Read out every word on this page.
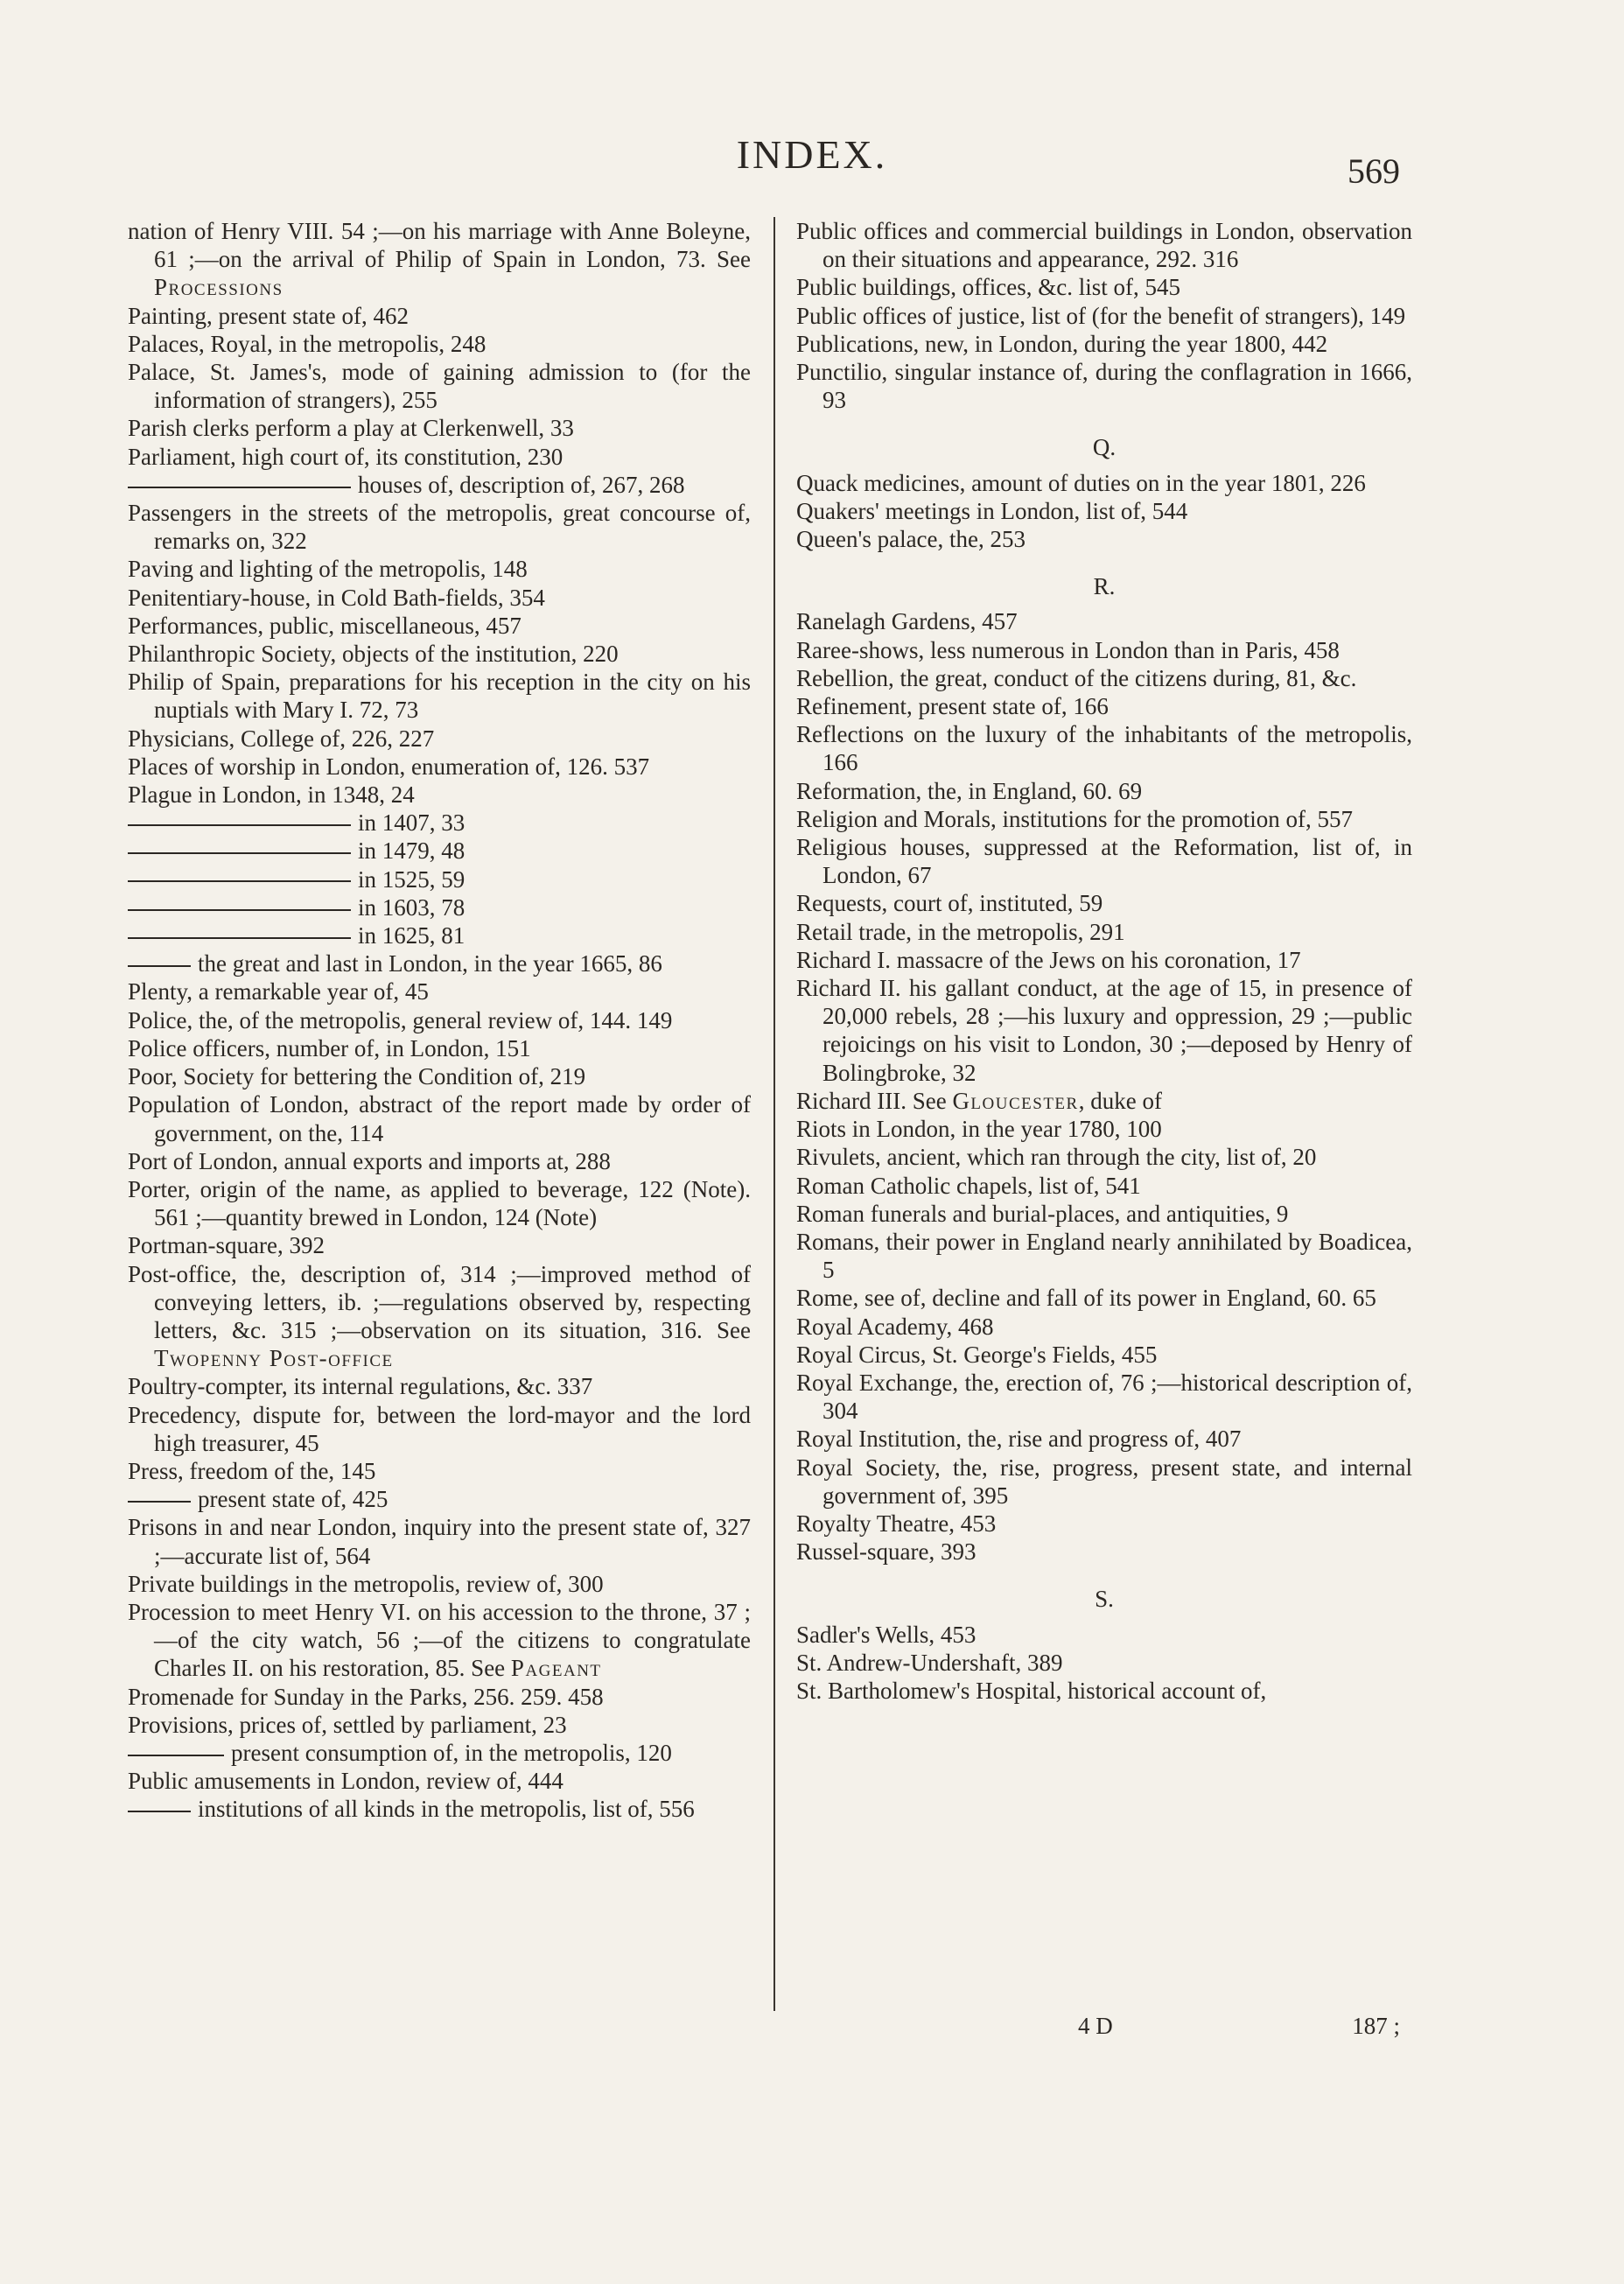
INDEX.	569
nation of Henry VIII. 54 ;—on his marriage with Anne Boleyne, 61 ;—on the arrival of Philip of Spain in London, 73. See Processions
Painting, present state of, 462
Palaces, Royal, in the metropolis, 248
Palace, St. James's, mode of gaining admission to (for the information of strangers), 255
Parish clerks perform a play at Clerkenwell, 33
Parliament, high court of, its constitution, 230
houses of, description of, 267, 268
Passengers in the streets of the metropolis, great concourse of, remarks on, 322
Paving and lighting of the metropolis, 148
Penitentiary-house, in Cold Bath-fields, 354
Performances, public, miscellaneous, 457
Philanthropic Society, objects of the institution, 220
Philip of Spain, preparations for his reception in the city on his nuptials with Mary I. 72, 73
Physicians, College of, 226, 227
Places of worship in London, enumeration of, 126. 537
Plague in London, in 1348, 24
in 1407, 33
in 1479, 48
in 1525, 59
in 1603, 78
in 1625, 81
the great and last in London, in the year 1665, 86
Plenty, a remarkable year of, 45
Police, the, of the metropolis, general review of, 144. 149
Police officers, number of, in London, 151
Poor, Society for bettering the Condition of, 219
Population of London, abstract of the report made by order of government, on the, 114
Port of London, annual exports and imports at, 288
Porter, origin of the name, as applied to beverage, 122 (Note). 561 ;—quantity brewed in London, 124 (Note)
Portman-square, 392
Post-office, the, description of, 314 ;—improved method of conveying letters, ib. ;—regulations observed by, respecting letters, &c. 315 ;—observation on its situation, 316. See Twopenny Post-office
Poultry-compter, its internal regulations, &c. 337
Precedency, dispute for, between the lord-mayor and the lord high treasurer, 45
Press, freedom of the, 145
present state of, 425
Prisons in and near London, inquiry into the present state of, 327 ;—accurate list of, 564
Private buildings in the metropolis, review of, 300
Procession to meet Henry VI. on his accession to the throne, 37 ;—of the city watch, 56 ;—of the citizens to congratulate Charles II. on his restoration, 85. See Pageant
Promenade for Sunday in the Parks, 256. 259. 458
Provisions, prices of, settled by parliament, 23
present consumption of, in the metropolis, 120
Public amusements in London, review of, 444
institutions of all kinds in the metropolis, list of, 556
Public offices and commercial buildings in London, observation on their situations and appearance, 292. 316
Public buildings, offices, &c. list of, 545
Public offices of justice, list of (for the benefit of strangers), 149
Publications, new, in London, during the year 1800, 442
Punctilio, singular instance of, during the conflagration in 1666, 93
Q.
Quack medicines, amount of duties on in the year 1801, 226
Quakers' meetings in London, list of, 544
Queen's palace, the, 253
R.
Ranelagh Gardens, 457
Raree-shows, less numerous in London than in Paris, 458
Rebellion, the great, conduct of the citizens during, 81, &c.
Refinement, present state of, 166
Reflections on the luxury of the inhabitants of the metropolis, 166
Reformation, the, in England, 60. 69
Religion and Morals, institutions for the promotion of, 557
Religious houses, suppressed at the Reformation, list of, in London, 67
Requests, court of, instituted, 59
Retail trade, in the metropolis, 291
Richard I. massacre of the Jews on his coronation, 17
Richard II. his gallant conduct, at the age of 15, in presence of 20,000 rebels, 28 ;—his luxury and oppression, 29 ;—public rejoicings on his visit to London, 30 ;—deposed by Henry of Bolingbroke, 32
Richard III. See Gloucester, duke of
Riots in London, in the year 1780, 100
Rivulets, ancient, which ran through the city, list of, 20
Roman Catholic chapels, list of, 541
Roman funerals and burial-places, and antiquities, 9
Romans, their power in England nearly annihilated by Boadicea, 5
Rome, see of, decline and fall of its power in England, 60. 65
Royal Academy, 468
Royal Circus, St. George's Fields, 455
Royal Exchange, the, erection of, 76 ;—historical description of, 304
Royal Institution, the, rise and progress of, 407
Royal Society, the, rise, progress, present state, and internal government of, 395
Royalty Theatre, 453
Russel-square, 393
S.
Sadler's Wells, 453
St. Andrew-Undershaft, 389
St. Bartholomew's Hospital, historical account of,
4 D	187 ;
